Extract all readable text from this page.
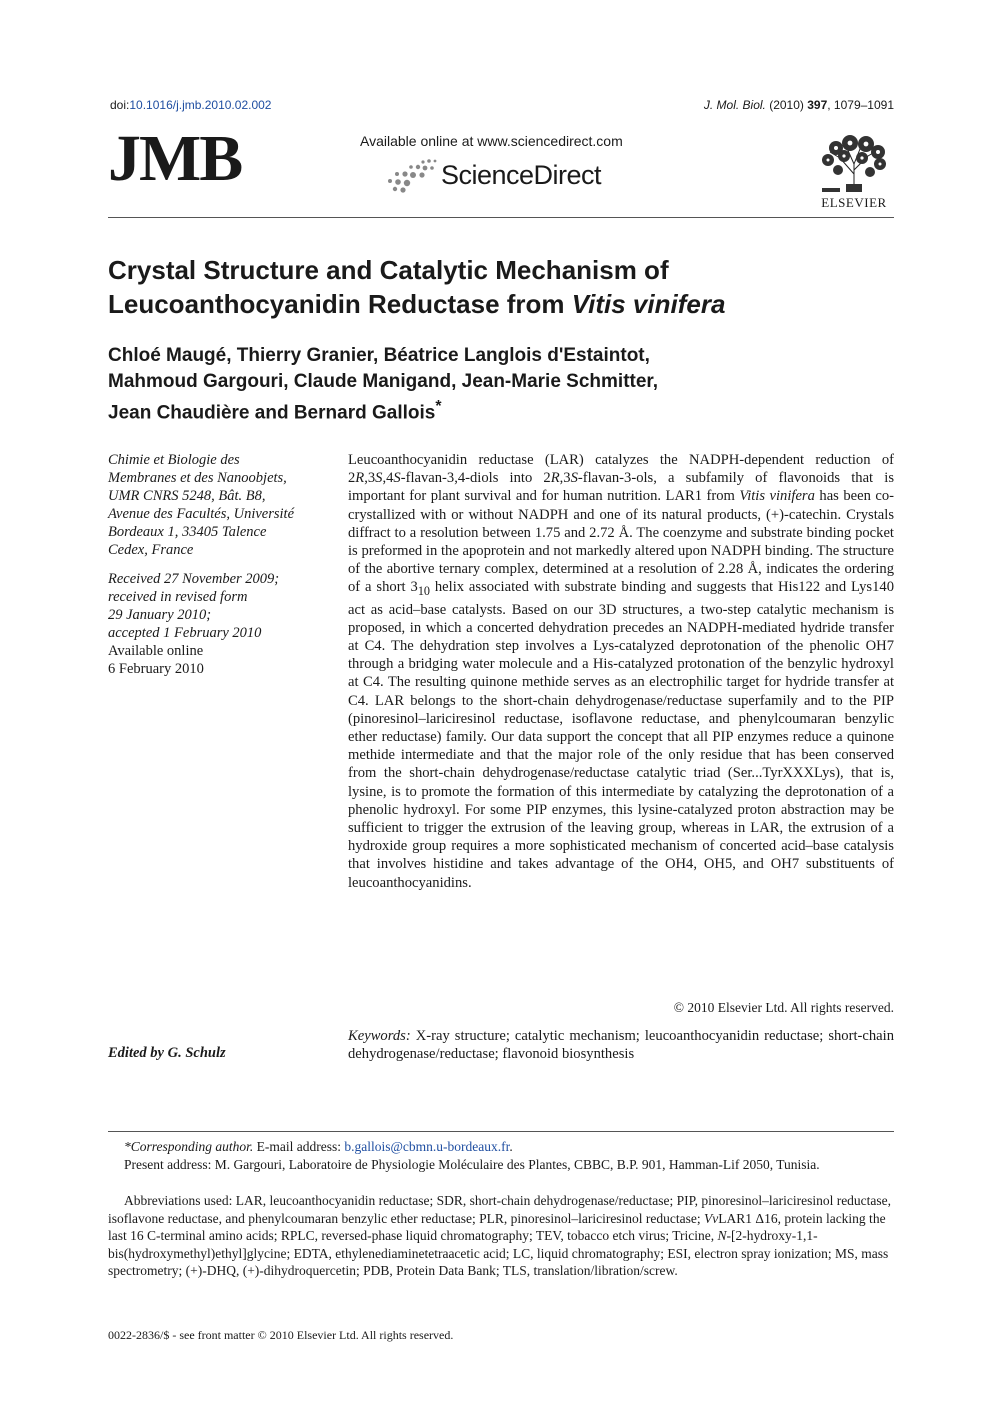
doi:10.1016/j.jmb.2010.02.002	J. Mol. Biol. (2010) 397, 1079–1091
JMB	Available online at www.sciencedirect.com
ScienceDirect
ELSEVIER
Crystal Structure and Catalytic Mechanism of
Leucoanthocyanidin Reductase from Vitis vinifera

Chloé Maugé, Thierry Granier, Béatrice Langlois d'Estaintot,
Mahmoud Gargouri, Claude Manigand, Jean-Marie Schmitter,
Jean Chaudière and Bernard Gallois*

Chimie et Biologie des
Membranes et des Nanoobjets,
UMR CNRS 5248, Bât. B8,
Avenue des Facultés, Université
Bordeaux 1, 33405 Talence
Cedex, France
Received 27 November 2009;
received in revised form
29 January 2010;
accepted 1 February 2010
Available online
6 February 2010
Edited by G. Schulz

Leucoanthocyanidin reductase (LAR) catalyzes the NADPH-dependent reduction of 2R,3S,4S-flavan-3,4-diols into 2R,3S-flavan-3-ols, a subfamily of flavonoids that is important for plant survival and for human nutrition. LAR1 from Vitis vinifera has been co-crystallized with or without NADPH and one of its natural products, (+)-catechin. Crystals diffract to a resolution between 1.75 and 2.72 Å. The coenzyme and substrate binding pocket is preformed in the apoprotein and not markedly altered upon NADPH binding. The structure of the abortive ternary complex, determined at a resolution of 2.28 Å, indicates the ordering of a short $3_{10}$ helix associated with substrate binding and suggests that His122 and Lys140 act as acid–base catalysts. Based on our 3D structures, a two-step catalytic mechanism is proposed, in which a concerted dehydration precedes an NADPH-mediated hydride transfer at C4. The dehydration step involves a Lys-catalyzed deprotonation of the phenolic OH7 through a bridging water molecule and a His-catalyzed protonation of the benzylic hydroxyl at C4. The resulting quinone methide serves as an electrophilic target for hydride transfer at C4. LAR belongs to the short-chain dehydrogenase/reductase superfamily and to the PIP (pinoresinol–lariciresinol reductase, isoflavone reductase, and phenylcoumaran benzylic ether reductase) family. Our data support the concept that all PIP enzymes reduce a quinone methide intermediate and that the major role of the only residue that has been conserved from the short-chain dehydrogenase/reductase catalytic triad (Ser...TyrXXXLys), that is, lysine, is to promote the formation of this intermediate by catalyzing the deprotonation of a phenolic hydroxyl. For some PIP enzymes, this lysine-catalyzed proton abstraction may be sufficient to trigger the extrusion of the leaving group, whereas in LAR, the extrusion of a hydroxide group requires a more sophisticated mechanism of concerted acid–base catalysis that involves histidine and takes advantage of the OH4, OH5, and OH7 substituents of leucoanthocyanidins.

© 2010 Elsevier Ltd. All rights reserved.

Keywords: X-ray structure; catalytic mechanism; leucoanthocyanidin reductase; short-chain dehydrogenase/reductase; flavonoid biosynthesis

*Corresponding author. E-mail address: b.gallois@cbmn.u-bordeaux.fr.

Present address: M. Gargouri, Laboratoire de Physiologie Moléculaire des Plantes, CBBC, B.P. 901, Hamman-Lif 2050, Tunisia.

Abbreviations used: LAR, leucoanthocyanidin reductase; SDR, short-chain dehydrogenase/reductase; PIP, pinoresinol–lariciresinol reductase, isoflavone reductase, and phenylcoumaran benzylic ether reductase; PLR, pinoresinol–lariciresinol reductase; VvLAR1 Δ16, protein lacking the last 16 C-terminal amino acids; RPLC, reversed-phase liquid chromatography; TEV, tobacco etch virus; Tricine, N-[2-hydroxy-1,1-bis(hydroxymethyl)ethyl]glycine; EDTA, ethylenediaminetetraacetic acid; LC, liquid chromatography; ESI, electron spray ionization; MS, mass spectrometry; (+)-DHQ, (+)-dihydroquercetin; PDB, Protein Data Bank; TLS, translation/libration/screw.

0022-2836/$ - see front matter © 2010 Elsevier Ltd. All rights reserved.
